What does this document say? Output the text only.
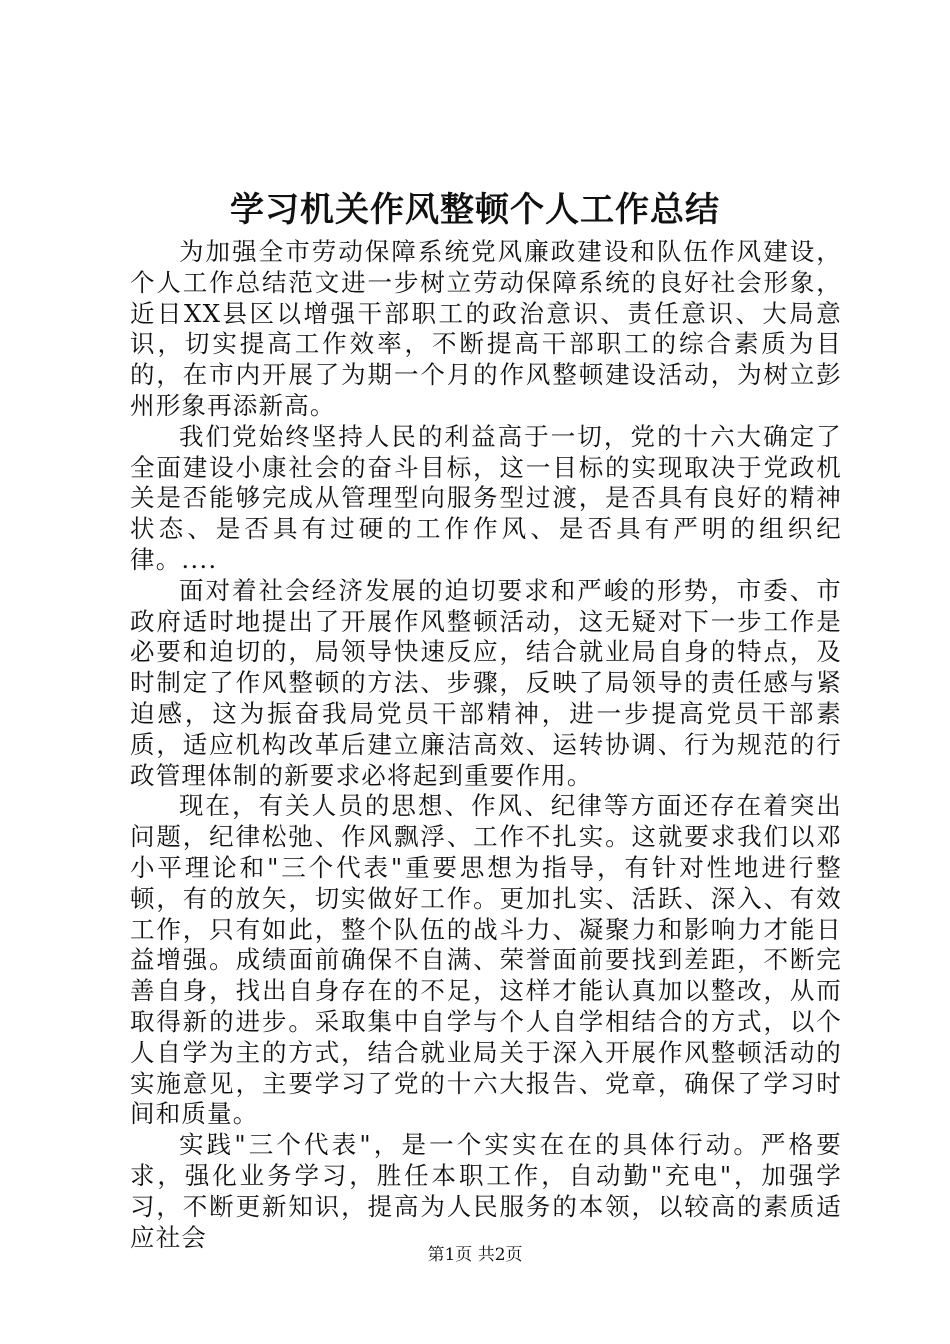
学习机关作风整顿个人工作总结

为加强全市劳动保障系统党风廉政建设和队伍作风建设，个人工作总结范文进一步树立劳动保障系统的良好社会形象，近日XX县区以增强干部职工的政治意识、责任意识、大局意识，切实提高工作效率，不断提高干部职工的综合素质为目的，在市内开展了为期一个月的作风整顿建设活动，为树立彭州形象再添新高。

我们党始终坚持人民的利益高于一切，党的十六大确定了全面建设小康社会的奋斗目标，这一目标的实现取决于党政机关是否能够完成从管理型向服务型过渡，是否具有良好的精神状态、是否具有过硬的工作作风、是否具有严明的组织纪律。....

面对着社会经济发展的迫切要求和严峻的形势，市委、市政府适时地提出了开展作风整顿活动，这无疑对下一步工作是必要和迫切的，局领导快速反应，结合就业局自身的特点，及时制定了作风整顿的方法、步骤，反映了局领导的责任感与紧迫感，这为振奋我局党员干部精神，进一步提高党员干部素质，适应机构改革后建立廉洁高效、运转协调、行为规范的行政管理体制的新要求必将起到重要作用。

现在，有关人员的思想、作风、纪律等方面还存在着突出问题，纪律松弛、作风飘浮、工作不扎实。这就要求我们以邓小平理论和"三个代表"重要思想为指导，有针对性地进行整顿，有的放矢，切实做好工作。更加扎实、活跃、深入、有效工作，只有如此，整个队伍的战斗力、凝聚力和影响力才能日益增强。成绩面前确保不自满、荣誉面前要找到差距，不断完善自身，找出自身存在的不足，这样才能认真加以整改，从而取得新的进步。采取集中自学与个人自学相结合的方式，以个人自学为主的方式，结合就业局关于深入开展作风整顿活动的实施意见，主要学习了党的十六大报告、党章，确保了学习时间和质量。

实践"三个代表"，是一个实实在在的具体行动。严格要求，强化业务学习，胜任本职工作，自动勤"充电"，加强学习，不断更新知识，提高为人民服务的本领，以较高的素质适应社会

第1页 共2页
